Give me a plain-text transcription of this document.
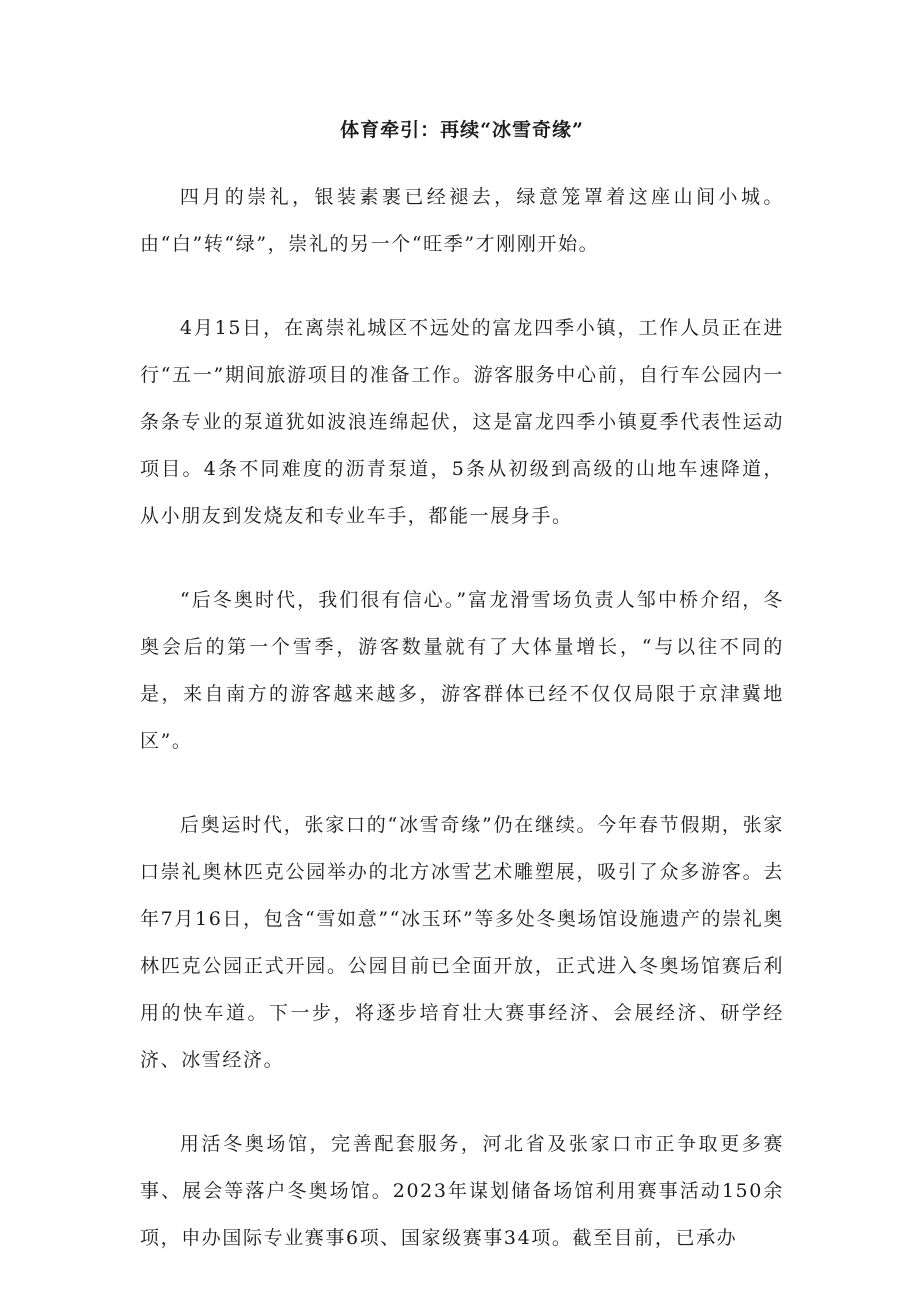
体育牵引：再续“冰雪奇缘”

四月的崇礼，银装素裹已经褪去，绿意笼罩着这座山间小城。由“白”转“绿”，崇礼的另一个“旺季”才刚刚开始。

4月15日，在离崇礼城区不远处的富龙四季小镇，工作人员正在进行“五一”期间旅游项目的准备工作。游客服务中心前，自行车公园内一条条专业的泵道犹如波浪连绵起伏，这是富龙四季小镇夏季代表性运动项目。4条不同难度的沥青泵道，5条从初级到高级的山地车速降道，从小朋友到发烧友和专业车手，都能一展身手。

“后冬奥时代，我们很有信心。”富龙滑雪场负责人邹中桥介绍，冬奥会后的第一个雪季，游客数量就有了大体量增长，“与以往不同的是，来自南方的游客越来越多，游客群体已经不仅仅局限于京津冀地区”。

后奥运时代，张家口的“冰雪奇缘”仍在继续。今年春节假期，张家口崇礼奥林匹克公园举办的北方冰雪艺术雕塑展，吸引了众多游客。去年7月16日，包含“雪如意”“冰玉环”等多处冬奥场馆设施遗产的崇礼奥林匹克公园正式开园。公园目前已全面开放，正式进入冬奥场馆赛后利用的快车道。下一步，将逐步培育壮大赛事经济、会展经济、研学经济、冰雪经济。

用活冬奥场馆，完善配套服务，河北省及张家口市正争取更多赛事、展会等落户冬奥场馆。2023年谋划储备场馆利用赛事活动150余项，申办国际专业赛事6项、国家级赛事34项。截至目前，已承办
